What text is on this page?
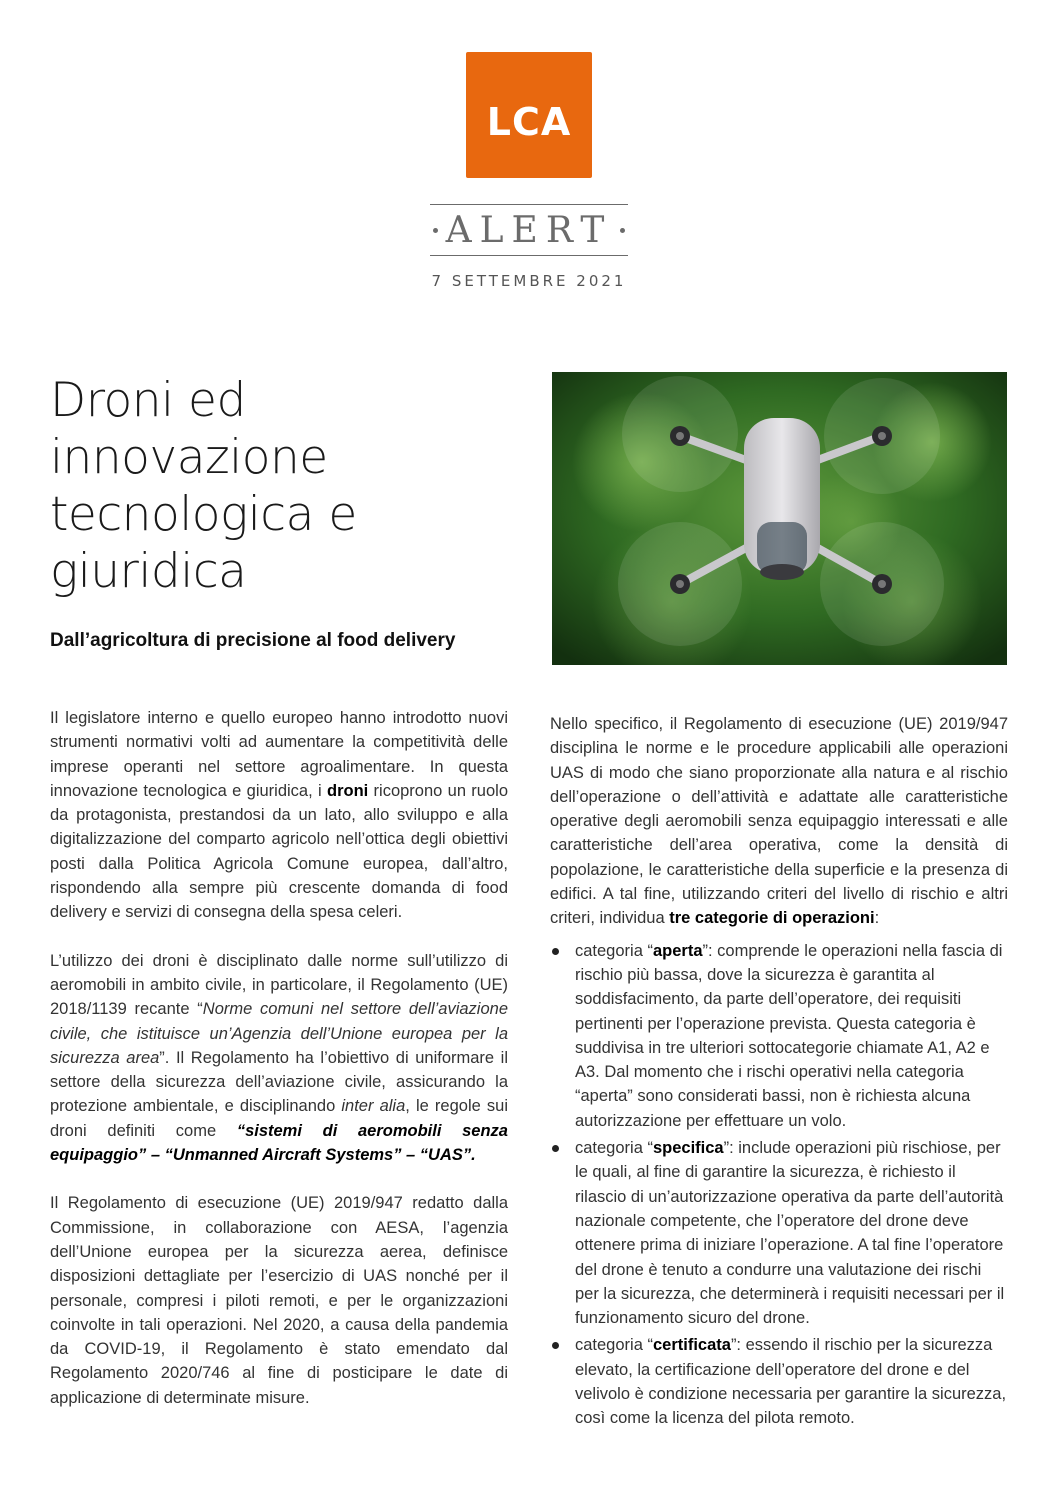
LCA
ALERT
7 SETTEMBRE 2021
Droni ed innovazione tecnologica e giuridica
Dall’agricoltura di precisione al food delivery

Il legislatore interno e quello europeo hanno introdotto nuovi strumenti normativi volti ad aumentare la competitività delle imprese operanti nel settore agroalimentare. In questa innovazione tecnologica e giuridica, i droni ricoprono un ruolo da protagonista, prestandosi da un lato, allo sviluppo e alla digitalizzazione del comparto agricolo nell’ottica degli obiettivi posti dalla Politica Agricola Comune europea, dall’altro, rispondendo alla sempre più crescente domanda di food delivery e servizi di consegna della spesa celeri.

L’utilizzo dei droni è disciplinato dalle norme sull’utilizzo di aeromobili in ambito civile, in particolare, il Regolamento (UE) 2018/1139 recante “Norme comuni nel settore dell’aviazione civile, che istituisce un’Agenzia dell’Unione europea per la sicurezza area”. Il Regolamento ha l’obiettivo di uniformare il settore della sicurezza dell’aviazione civile, assicurando la protezione ambientale, e disciplinando inter alia, le regole sui droni definiti come “sistemi di aeromobili senza equipaggio” – “Unmanned Aircraft Systems” – “UAS”.

Il Regolamento di esecuzione (UE) 2019/947 redatto dalla Commissione, in collaborazione con AESA, l’agenzia dell’Unione europea per la sicurezza aerea, definisce disposizioni dettagliate per l’esercizio di UAS nonché per il personale, compresi i piloti remoti, e per le organizzazioni coinvolte in tali operazioni. Nel 2020, a causa della pandemia da COVID-19, il Regolamento è stato emendato dal Regolamento 2020/746 al fine di posticipare le date di applicazione di determinate misure.

Nello specifico, il Regolamento di esecuzione (UE) 2019/947 disciplina le norme e le procedure applicabili alle operazioni UAS di modo che siano proporzionate alla natura e al rischio dell’operazione o dell’attività e adattate alle caratteristiche operative degli aeromobili senza equipaggio interessati e alle caratteristiche dell’area operativa, come la densità di popolazione, le caratteristiche della superficie e la presenza di edifici. A tal fine, utilizzando criteri del livello di rischio e altri criteri, individua tre categorie di operazioni:

categoria “aperta”: comprende le operazioni nella fascia di rischio più bassa, dove la sicurezza è garantita al soddisfacimento, da parte dell’operatore, dei requisiti pertinenti per l’operazione prevista. Questa categoria è suddivisa in tre ulteriori sottocategorie chiamate A1, A2 e A3. Dal momento che i rischi operativi nella categoria “aperta” sono considerati bassi, non è richiesta alcuna autorizzazione per effettuare un volo.
categoria “specifica”: include operazioni più rischiose, per le quali, al fine di garantire la sicurezza, è richiesto il rilascio di un’autorizzazione operativa da parte dell’autorità nazionale competente, che l’operatore del drone deve ottenere prima di iniziare l’operazione. A tal fine l’operatore del drone è tenuto a condurre una valutazione dei rischi per la sicurezza, che determinerà i requisiti necessari per il funzionamento sicuro del drone.
categoria “certificata”: essendo il rischio per la sicurezza elevato, la certificazione dell’operatore del drone e del velivolo è condizione necessaria per garantire la sicurezza, così come la licenza del pilota remoto.
